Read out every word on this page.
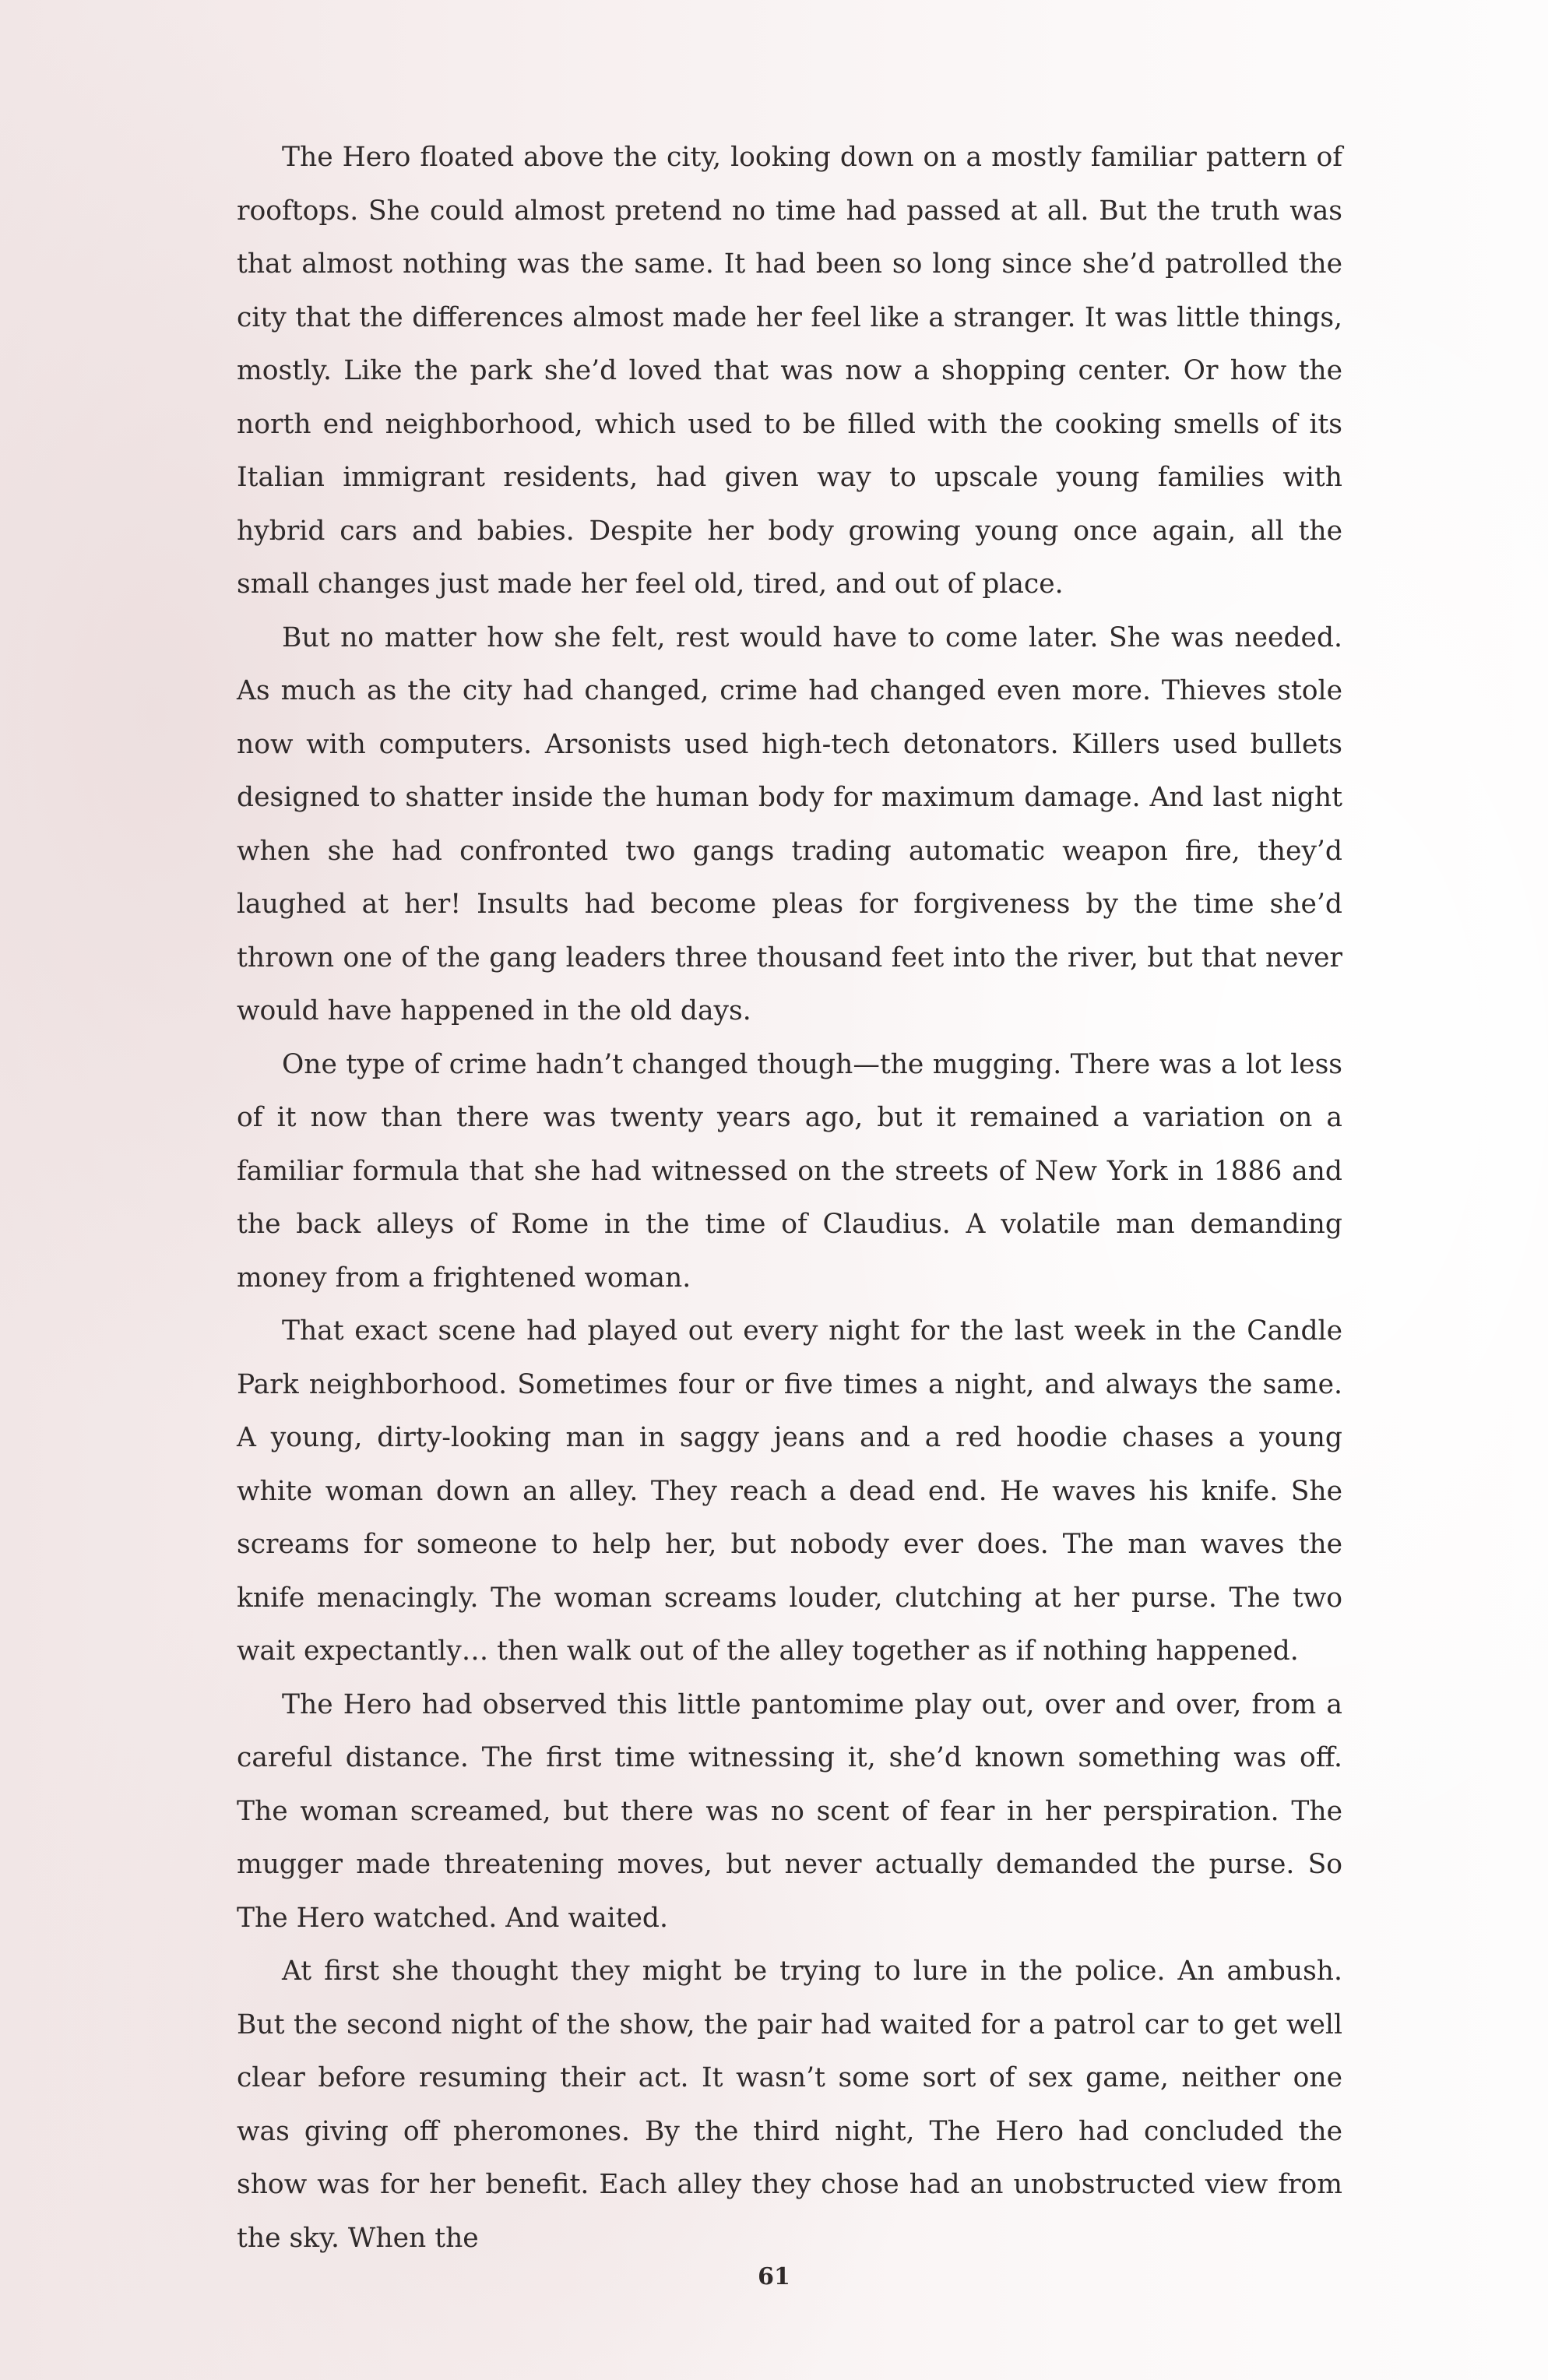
The Hero floated above the city, looking down on a mostly familiar pattern of rooftops. She could almost pretend no time had passed at all. But the truth was that almost nothing was the same. It had been so long since she’d patrolled the city that the differences almost made her feel like a stranger. It was little things, mostly. Like the park she’d loved that was now a shopping center. Or how the north end neighborhood, which used to be filled with the cooking smells of its Italian immigrant residents, had given way to upscale young families with hybrid cars and babies. Despite her body growing young once again, all the small changes just made her feel old, tired, and out of place.

But no matter how she felt, rest would have to come later. She was needed. As much as the city had changed, crime had changed even more. Thieves stole now with computers. Arsonists used high-tech detonators. Killers used bullets designed to shatter inside the human body for maximum damage. And last night when she had confronted two gangs trading automatic weapon fire, they’d laughed at her! Insults had become pleas for forgiveness by the time she’d thrown one of the gang leaders three thousand feet into the river, but that never would have happened in the old days.

One type of crime hadn’t changed though—the mugging. There was a lot less of it now than there was twenty years ago, but it remained a variation on a familiar formula that she had witnessed on the streets of New York in 1886 and the back alleys of Rome in the time of Claudius. A volatile man demanding money from a frightened woman.

That exact scene had played out every night for the last week in the Candle Park neighborhood. Sometimes four or five times a night, and always the same. A young, dirty-looking man in saggy jeans and a red hoodie chases a young white woman down an alley. They reach a dead end. He waves his knife. She screams for someone to help her, but nobody ever does. The man waves the knife menacingly. The woman screams louder, clutching at her purse. The two wait expectantly… then walk out of the alley together as if nothing happened.

The Hero had observed this little pantomime play out, over and over, from a careful distance. The first time witnessing it, she’d known something was off. The woman screamed, but there was no scent of fear in her perspiration. The mugger made threatening moves, but never actually demanded the purse. So The Hero watched. And waited.

At first she thought they might be trying to lure in the police. An ambush. But the second night of the show, the pair had waited for a patrol car to get well clear before resuming their act. It wasn’t some sort of sex game, neither one was giving off pheromones. By the third night, The Hero had concluded the show was for her benefit. Each alley they chose had an unobstructed view from the sky. When the

61
